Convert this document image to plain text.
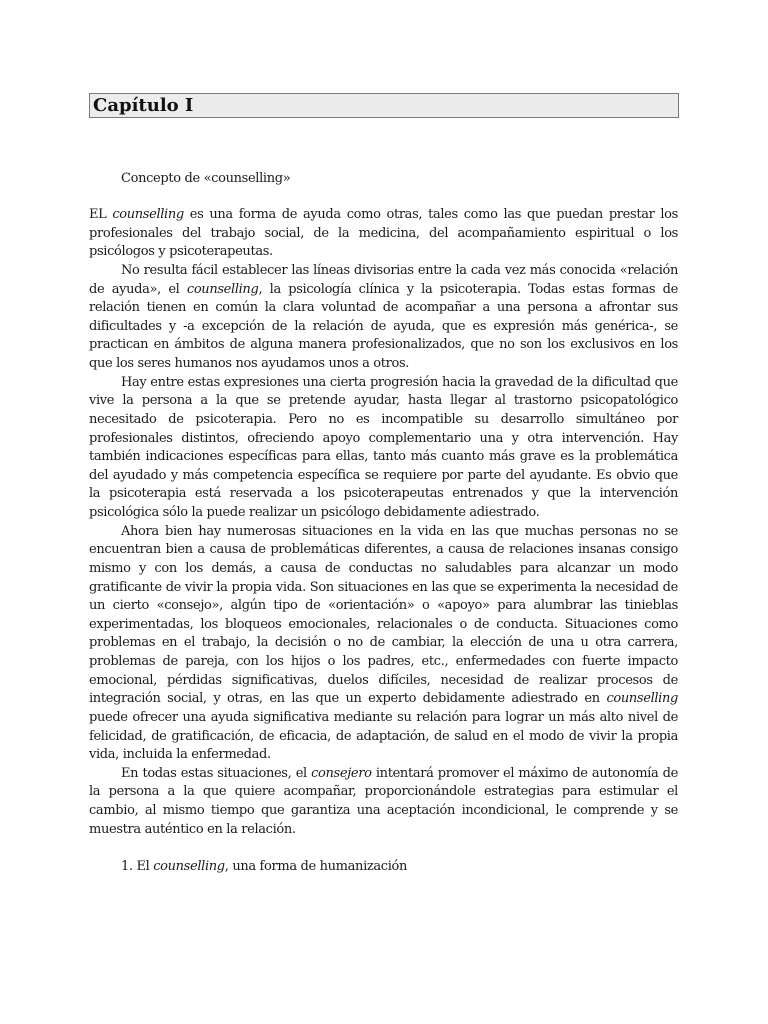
Capítulo I
Concepto de «counselling»

EL counselling es una forma de ayuda como otras, tales como las que puedan prestar los profesionales del trabajo social, de la medicina, del acompañamiento espiritual o los psicólogos y psicoterapeutas.

No resulta fácil establecer las líneas divisorias entre la cada vez más conocida «relación de ayuda», el counselling, la psicología clínica y la psicoterapia. Todas estas formas de relación tienen en común la clara voluntad de acompañar a una persona a afrontar sus dificultades y -a excepción de la relación de ayuda, que es expresión más genérica-, se practican en ámbitos de alguna manera profesionalizados, que no son los exclusivos en los que los seres humanos nos ayudamos unos a otros.

Hay entre estas expresiones una cierta progresión hacia la gravedad de la dificultad que vive la persona a la que se pretende ayudar, hasta llegar al trastorno psicopatológico necesitado de psicoterapia. Pero no es incompatible su desarrollo simultáneo por profesionales distintos, ofreciendo apoyo complementario una y otra intervención. Hay también indicaciones específicas para ellas, tanto más cuanto más grave es la problemática del ayudado y más competencia específica se requiere por parte del ayudante. Es obvio que la psicoterapia está reservada a los psicoterapeutas entrenados y que la intervención psicológica sólo la puede realizar un psicólogo debidamente adiestrado.

Ahora bien hay numerosas situaciones en la vida en las que muchas personas no se encuentran bien a causa de problemáticas diferentes, a causa de relaciones insanas consigo mismo y con los demás, a causa de conductas no saludables para alcanzar un modo gratificante de vivir la propia vida. Son situaciones en las que se experimenta la necesidad de un cierto «consejo», algún tipo de «orientación» o «apoyo» para alumbrar las tinieblas experimentadas, los bloqueos emocionales, relacionales o de conducta. Situaciones como problemas en el trabajo, la decisión o no de cambiar, la elección de una u otra carrera, problemas de pareja, con los hijos o los padres, etc., enfermedades con fuerte impacto emocional, pérdidas significativas, duelos difíciles, necesidad de realizar procesos de integración social, y otras, en las que un experto debidamente adiestrado en counselling puede ofrecer una ayuda significativa mediante su relación para lograr un más alto nivel de felicidad, de gratificación, de eficacia, de adaptación, de salud en el modo de vivir la propia vida, incluida la enfermedad.

En todas estas situaciones, el consejero intentará promover el máximo de autonomía de la persona a la que quiere acompañar, proporcionándole estrategias para estimular el cambio, al mismo tiempo que garantiza una aceptación incondicional, le comprende y se muestra auténtico en la relación.

1. El counselling, una forma de humanización
